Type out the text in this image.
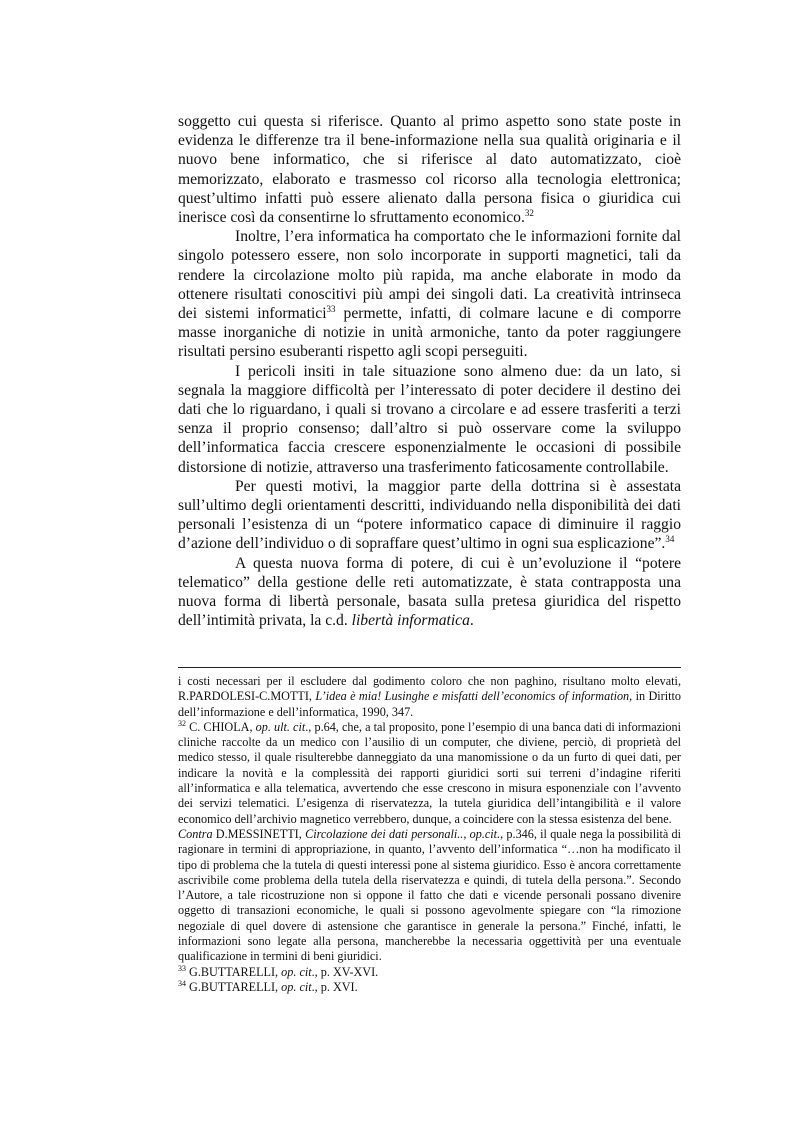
soggetto cui questa si riferisce. Quanto al primo aspetto sono state poste in evidenza le differenze tra il bene-informazione nella sua qualità originaria e il nuovo bene informatico, che si riferisce al dato automatizzato, cioè memorizzato, elaborato e trasmesso col ricorso alla tecnologia elettronica; quest’ultimo infatti può essere alienato dalla persona fisica o giuridica cui inerisce così da consentirne lo sfruttamento economico.$^{32}$

Inoltre, l’era informatica ha comportato che le informazioni fornite dal singolo potessero essere, non solo incorporate in supporti magnetici, tali da rendere la circolazione molto più rapida, ma anche elaborate in modo da ottenere risultati conoscitivi più ampi dei singoli dati. La creatività intrinseca dei sistemi informatici$^{33}$ permette, infatti, di colmare lacune e di comporre masse inorganiche di notizie in unità armoniche, tanto da poter raggiungere risultati persino esuberanti rispetto agli scopi perseguiti.

I pericoli insiti in tale situazione sono almeno due: da un lato, si segnala la maggiore difficoltà per l’interessato di poter decidere il destino dei dati che lo riguardano, i quali si trovano a circolare e ad essere trasferiti a terzi senza il proprio consenso; dall’altro si può osservare come la sviluppo dell’informatica faccia crescere esponenzialmente le occasioni di possibile distorsione di notizie, attraverso una trasferimento faticosamente controllabile.

Per questi motivi, la maggior parte della dottrina si è assestata sull’ultimo degli orientamenti descritti, individuando nella disponibilità dei dati personali l’esistenza di un “potere informatico capace di diminuire il raggio d’azione dell’individuo o di sopraffare quest’ultimo in ogni sua esplicazione”.$^{34}$

A questa nuova forma di potere, di cui è un’evoluzione il “potere telematico” della gestione delle reti automatizzate, è stata contrapposta una nuova forma di libertà personale, basata sulla pretesa giuridica del rispetto dell’intimità privata, la c.d. libertà informatica.

i costi necessari per il escludere dal godimento coloro che non paghino, risultano molto elevati, R.PARDOLESI-C.MOTTI, L’idea è mia! Lusinghe e misfatti dell’economics of information, in Diritto dell’informazione e dell’informatica, 1990, 347.

$^{32}$ C. CHIOLA, op. ult. cit., p.64, che, a tal proposito, pone l’esempio di una banca dati di informazioni cliniche raccolte da un medico con l’ausilio di un computer, che diviene, perciò, di proprietà del medico stesso, il quale risulterebbe danneggiato da una manomissione o da un furto di quei dati, per indicare la novità e la complessità dei rapporti giuridici sorti sui terreni d’indagine riferiti all’informatica e alla telematica, avvertendo che esse crescono in misura esponenziale con l’avvento dei servizi telematici. L’esigenza di riservatezza, la tutela giuridica dell’intangibilità e il valore economico dell’archivio magnetico verrebbero, dunque, a coincidere con la stessa esistenza del bene.

Contra D.MESSINETTI, Circolazione dei dati personali.., op.cit., p.346, il quale nega la possibilità di ragionare in termini di appropriazione, in quanto, l’avvento dell’informatica “…non ha modificato il tipo di problema che la tutela di questi interessi pone al sistema giuridico. Esso è ancora correttamente ascrivibile come problema della tutela della riservatezza e quindi, di tutela della persona.”. Secondo l’Autore, a tale ricostruzione non si oppone il fatto che dati e vicende personali possano divenire oggetto di transazioni economiche, le quali si possono agevolmente spiegare con “la rimozione negoziale di quel dovere di astensione che garantisce in generale la persona.” Finché, infatti, le informazioni sono legate alla persona, mancherebbe la necessaria oggettività per una eventuale qualificazione in termini di beni giuridici.

$^{33}$ G.BUTTARELLI, op. cit., p. XV-XVI.

$^{34}$ G.BUTTARELLI, op. cit., p. XVI.
